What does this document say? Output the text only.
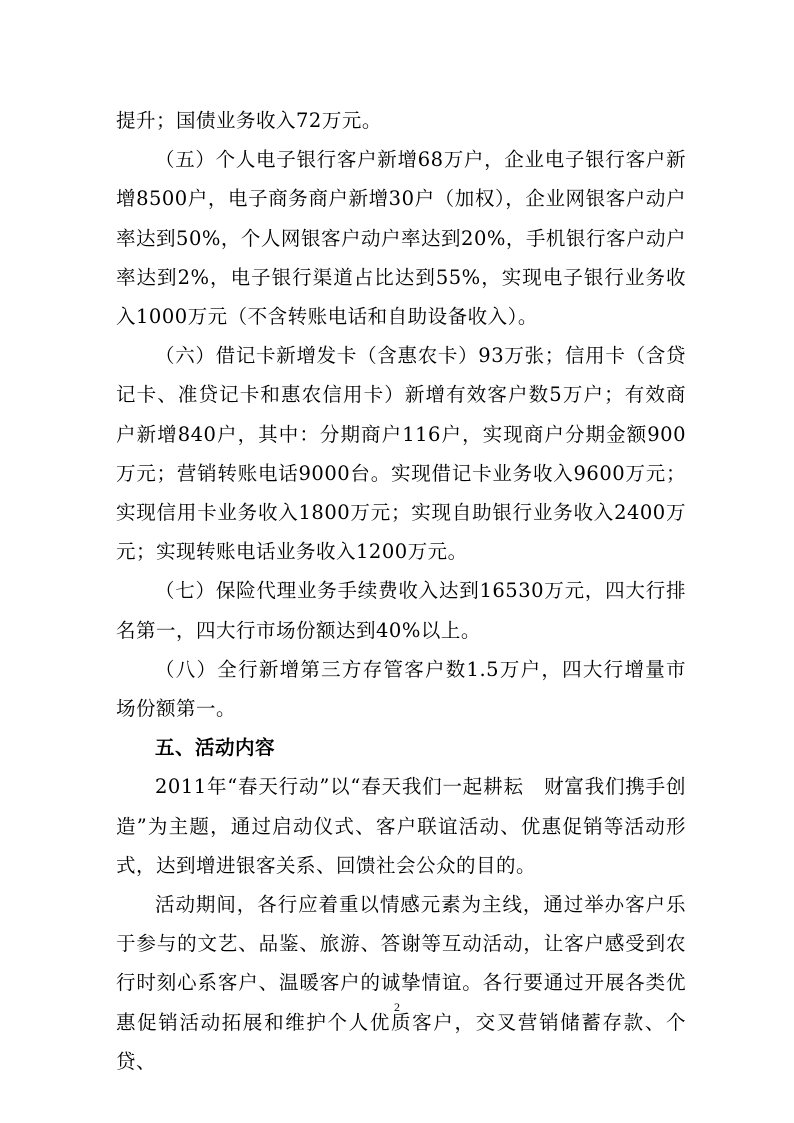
提升；国债业务收入72万元。

（五）个人电子银行客户新增68万户，企业电子银行客户新增8500户，电子商务商户新增30户（加权），企业网银客户动户率达到50%，个人网银客户动户率达到20%，手机银行客户动户率达到2%，电子银行渠道占比达到55%，实现电子银行业务收入1000万元（不含转账电话和自助设备收入）。

（六）借记卡新增发卡（含惠农卡）93万张；信用卡（含贷记卡、准贷记卡和惠农信用卡）新增有效客户数5万户；有效商户新增840户，其中：分期商户116户，实现商户分期金额900万元；营销转账电话9000台。实现借记卡业务收入9600万元；实现信用卡业务收入1800万元；实现自助银行业务收入2400万元；实现转账电话业务收入1200万元。

（七）保险代理业务手续费收入达到16530万元，四大行排名第一，四大行市场份额达到40%以上。

（八）全行新增第三方存管客户数1.5万户，四大行增量市场份额第一。

五、活动内容

2011年“春天行动”以“春天我们一起耕耘　财富我们携手创造”为主题，通过启动仪式、客户联谊活动、优惠促销等活动形式，达到增进银客关系、回馈社会公众的目的。

活动期间，各行应着重以情感元素为主线，通过举办客户乐于参与的文艺、品鉴、旅游、答谢等互动活动，让客户感受到农行时刻心系客户、温暖客户的诚挚情谊。各行要通过开展各类优惠促销活动拓展和维护个人优质客户，交叉营销储蓄存款、个贷、

2
